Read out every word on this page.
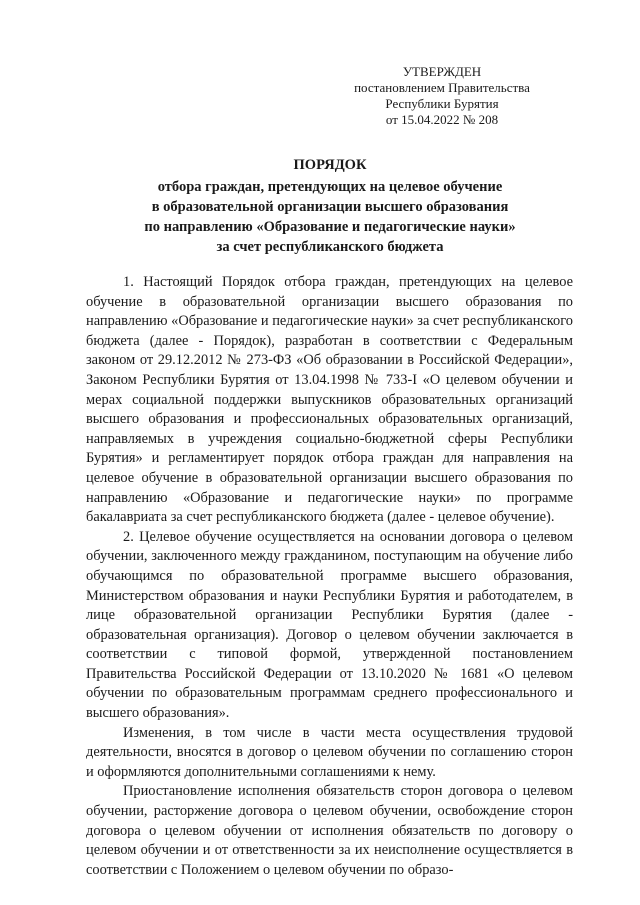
УТВЕРЖДЕН
постановлением Правительства
Республики Бурятия
от 15.04.2022 № 208
ПОРЯДОК
отбора граждан, претендующих на целевое обучение
в образовательной организации высшего образования
по направлению «Образование и педагогические науки»
за счет республиканского бюджета

1. Настоящий Порядок отбора граждан, претендующих на целевое обучение в образовательной организации высшего образования по направлению «Образование и педагогические науки» за счет республиканского бюджета (далее - Порядок), разработан в соответствии с Федеральным законом от 29.12.2012 № 273-ФЗ «Об образовании в Российской Федерации», Законом Республики Бурятия от 13.04.1998 № 733-I «О целевом обучении и мерах социальной поддержки выпускников образовательных организаций высшего образования и профессиональных образовательных организаций, направляемых в учреждения социально-бюджетной сферы Республики Бурятия» и регламентирует порядок отбора граждан для направления на целевое обучение в образовательной организации высшего образования по направлению «Образование и педагогические науки» по программе бакалавриата за счет республиканского бюджета (далее - целевое обучение).

2. Целевое обучение осуществляется на основании договора о целевом обучении, заключенного между гражданином, поступающим на обучение либо обучающимся по образовательной программе высшего образования, Министерством образования и науки Республики Бурятия и работодателем, в лице образовательной организации Республики Бурятия (далее - образовательная организация). Договор о целевом обучении заключается в соответствии с типовой формой, утвержденной постановлением Правительства Российской Федерации от 13.10.2020 № 1681 «О целевом обучении по образовательным программам среднего профессионального и высшего образования».

Изменения, в том числе в части места осуществления трудовой деятельности, вносятся в договор о целевом обучении по соглашению сторон и оформляются дополнительными соглашениями к нему.

Приостановление исполнения обязательств сторон договора о целевом обучении, расторжение договора о целевом обучении, освобождение сторон договора о целевом обучении от исполнения обязательств по договору о целевом обучении и от ответственности за их неисполнение осуществляется в соответствии с Положением о целевом обучении по образо-
